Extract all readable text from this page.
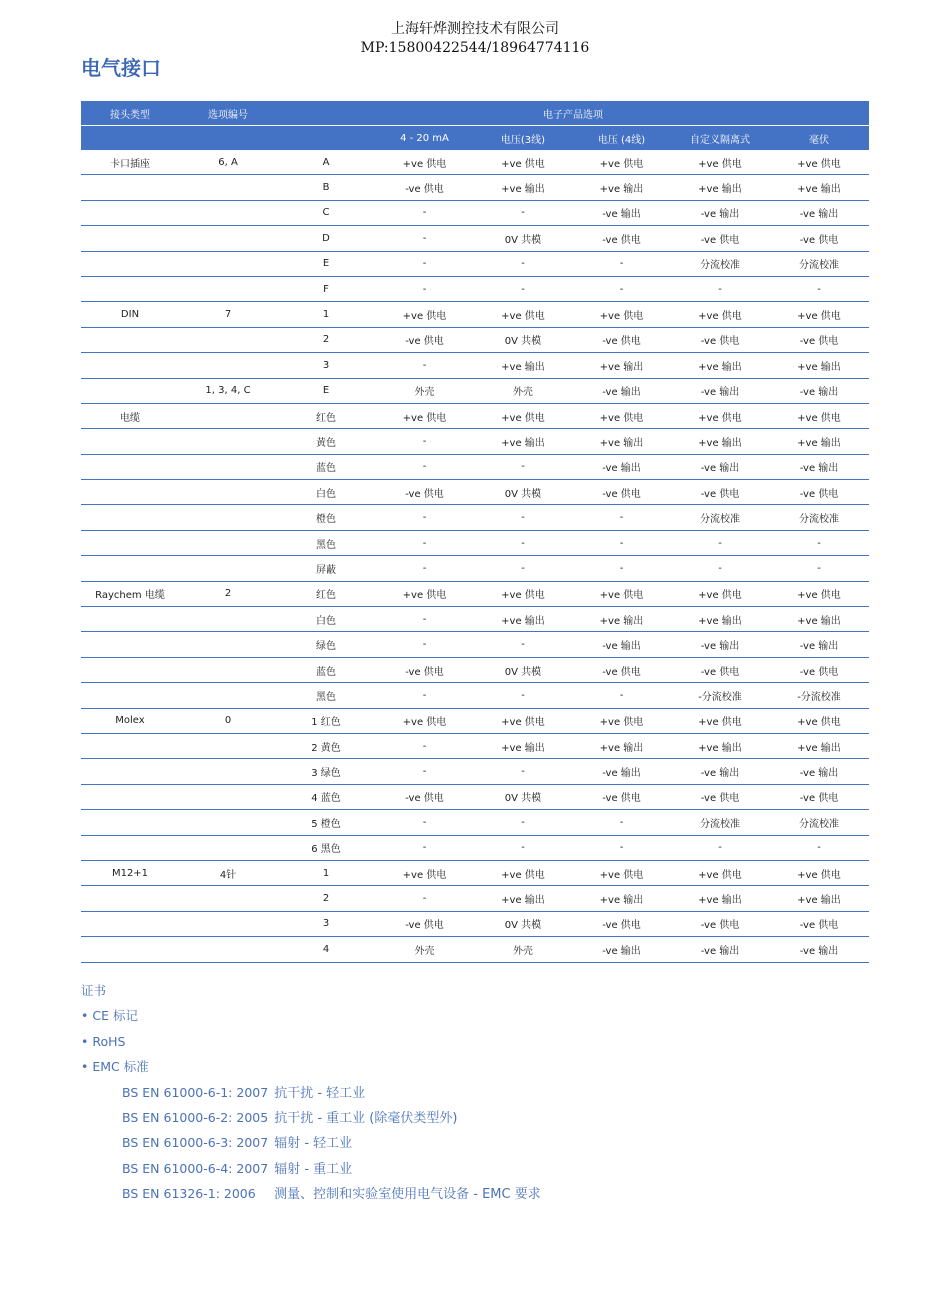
上海轩烨测控技术有限公司
MP:15800422544/18964774116
电气接口
接头类型	选项编号	电子产品选项					
			4 - 20 mA	电压(3线)	电压 (4线)	自定义隔离式	毫伏
卡口插座	6, A	A	+ve 供电	+ve 供电	+ve 供电	+ve 供电	+ve 供电
		B	-ve 供电	+ve 输出	+ve 输出	+ve 输出	+ve 输出
		C	-	-	-ve 输出	-ve 输出	-ve 输出
		D	-	0V 共模	-ve 供电	-ve 供电	-ve 供电
		E	-	-	-	分流校准	分流校准
		F	-	-	-	-	-
DIN	7	1	+ve 供电	+ve 供电	+ve 供电	+ve 供电	+ve 供电
		2	-ve 供电	0V 共模	-ve 供电	-ve 供电	-ve 供电
		3	-	+ve 输出	+ve 输出	+ve 输出	+ve 输出
	1, 3, 4, C	E	外壳	外壳	-ve 输出	-ve 输出	-ve 输出
电缆		红色	+ve 供电	+ve 供电	+ve 供电	+ve 供电	+ve 供电
		黄色	-	+ve 输出	+ve 输出	+ve 输出	+ve 输出
		蓝色	-	-	-ve 输出	-ve 输出	-ve 输出
		白色	-ve 供电	0V 共模	-ve 供电	-ve 供电	-ve 供电
		橙色	-	-	-	分流校准	分流校准
		黑色	-	-	-	-	-
		屏蔽	-	-	-	-	-
Raychem 电缆	2	红色	+ve 供电	+ve 供电	+ve 供电	+ve 供电	+ve 供电
		白色	-	+ve 输出	+ve 输出	+ve 输出	+ve 输出
		绿色	-	-	-ve 输出	-ve 输出	-ve 输出
		蓝色	-ve 供电	0V 共模	-ve 供电	-ve 供电	-ve 供电
		黑色	-	-	-	-分流校准	-分流校准
Molex	0	1 红色	+ve 供电	+ve 供电	+ve 供电	+ve 供电	+ve 供电
		2 黄色	-	+ve 输出	+ve 输出	+ve 输出	+ve 输出
		3 绿色	-	-	-ve 输出	-ve 输出	-ve 输出
		4 蓝色	-ve 供电	0V 共模	-ve 供电	-ve 供电	-ve 供电
		5 橙色	-	-	-	分流校准	分流校准
		6 黑色	-	-	-	-	-
M12+1	4针	1	+ve 供电	+ve 供电	+ve 供电	+ve 供电	+ve 供电
		2	-	+ve 输出	+ve 输出	+ve 输出	+ve 输出
		3	-ve 供电	0V 共模	-ve 供电	-ve 供电	-ve 供电
		4	外壳	外壳	-ve 输出	-ve 输出	-ve 输出
证书
• CE 标记
• RoHS
• EMC 标准
BS EN 61000-6-1: 2007 抗干扰 - 轻工业
BS EN 61000-6-2: 2005 抗干扰 - 重工业 (除毫伏类型外)
BS EN 61000-6-3: 2007 辐射 - 轻工业
BS EN 61000-6-4: 2007 辐射 - 重工业
BS EN 61326-1: 2006   测量、控制和实验室使用电气设备 - EMC 要求
